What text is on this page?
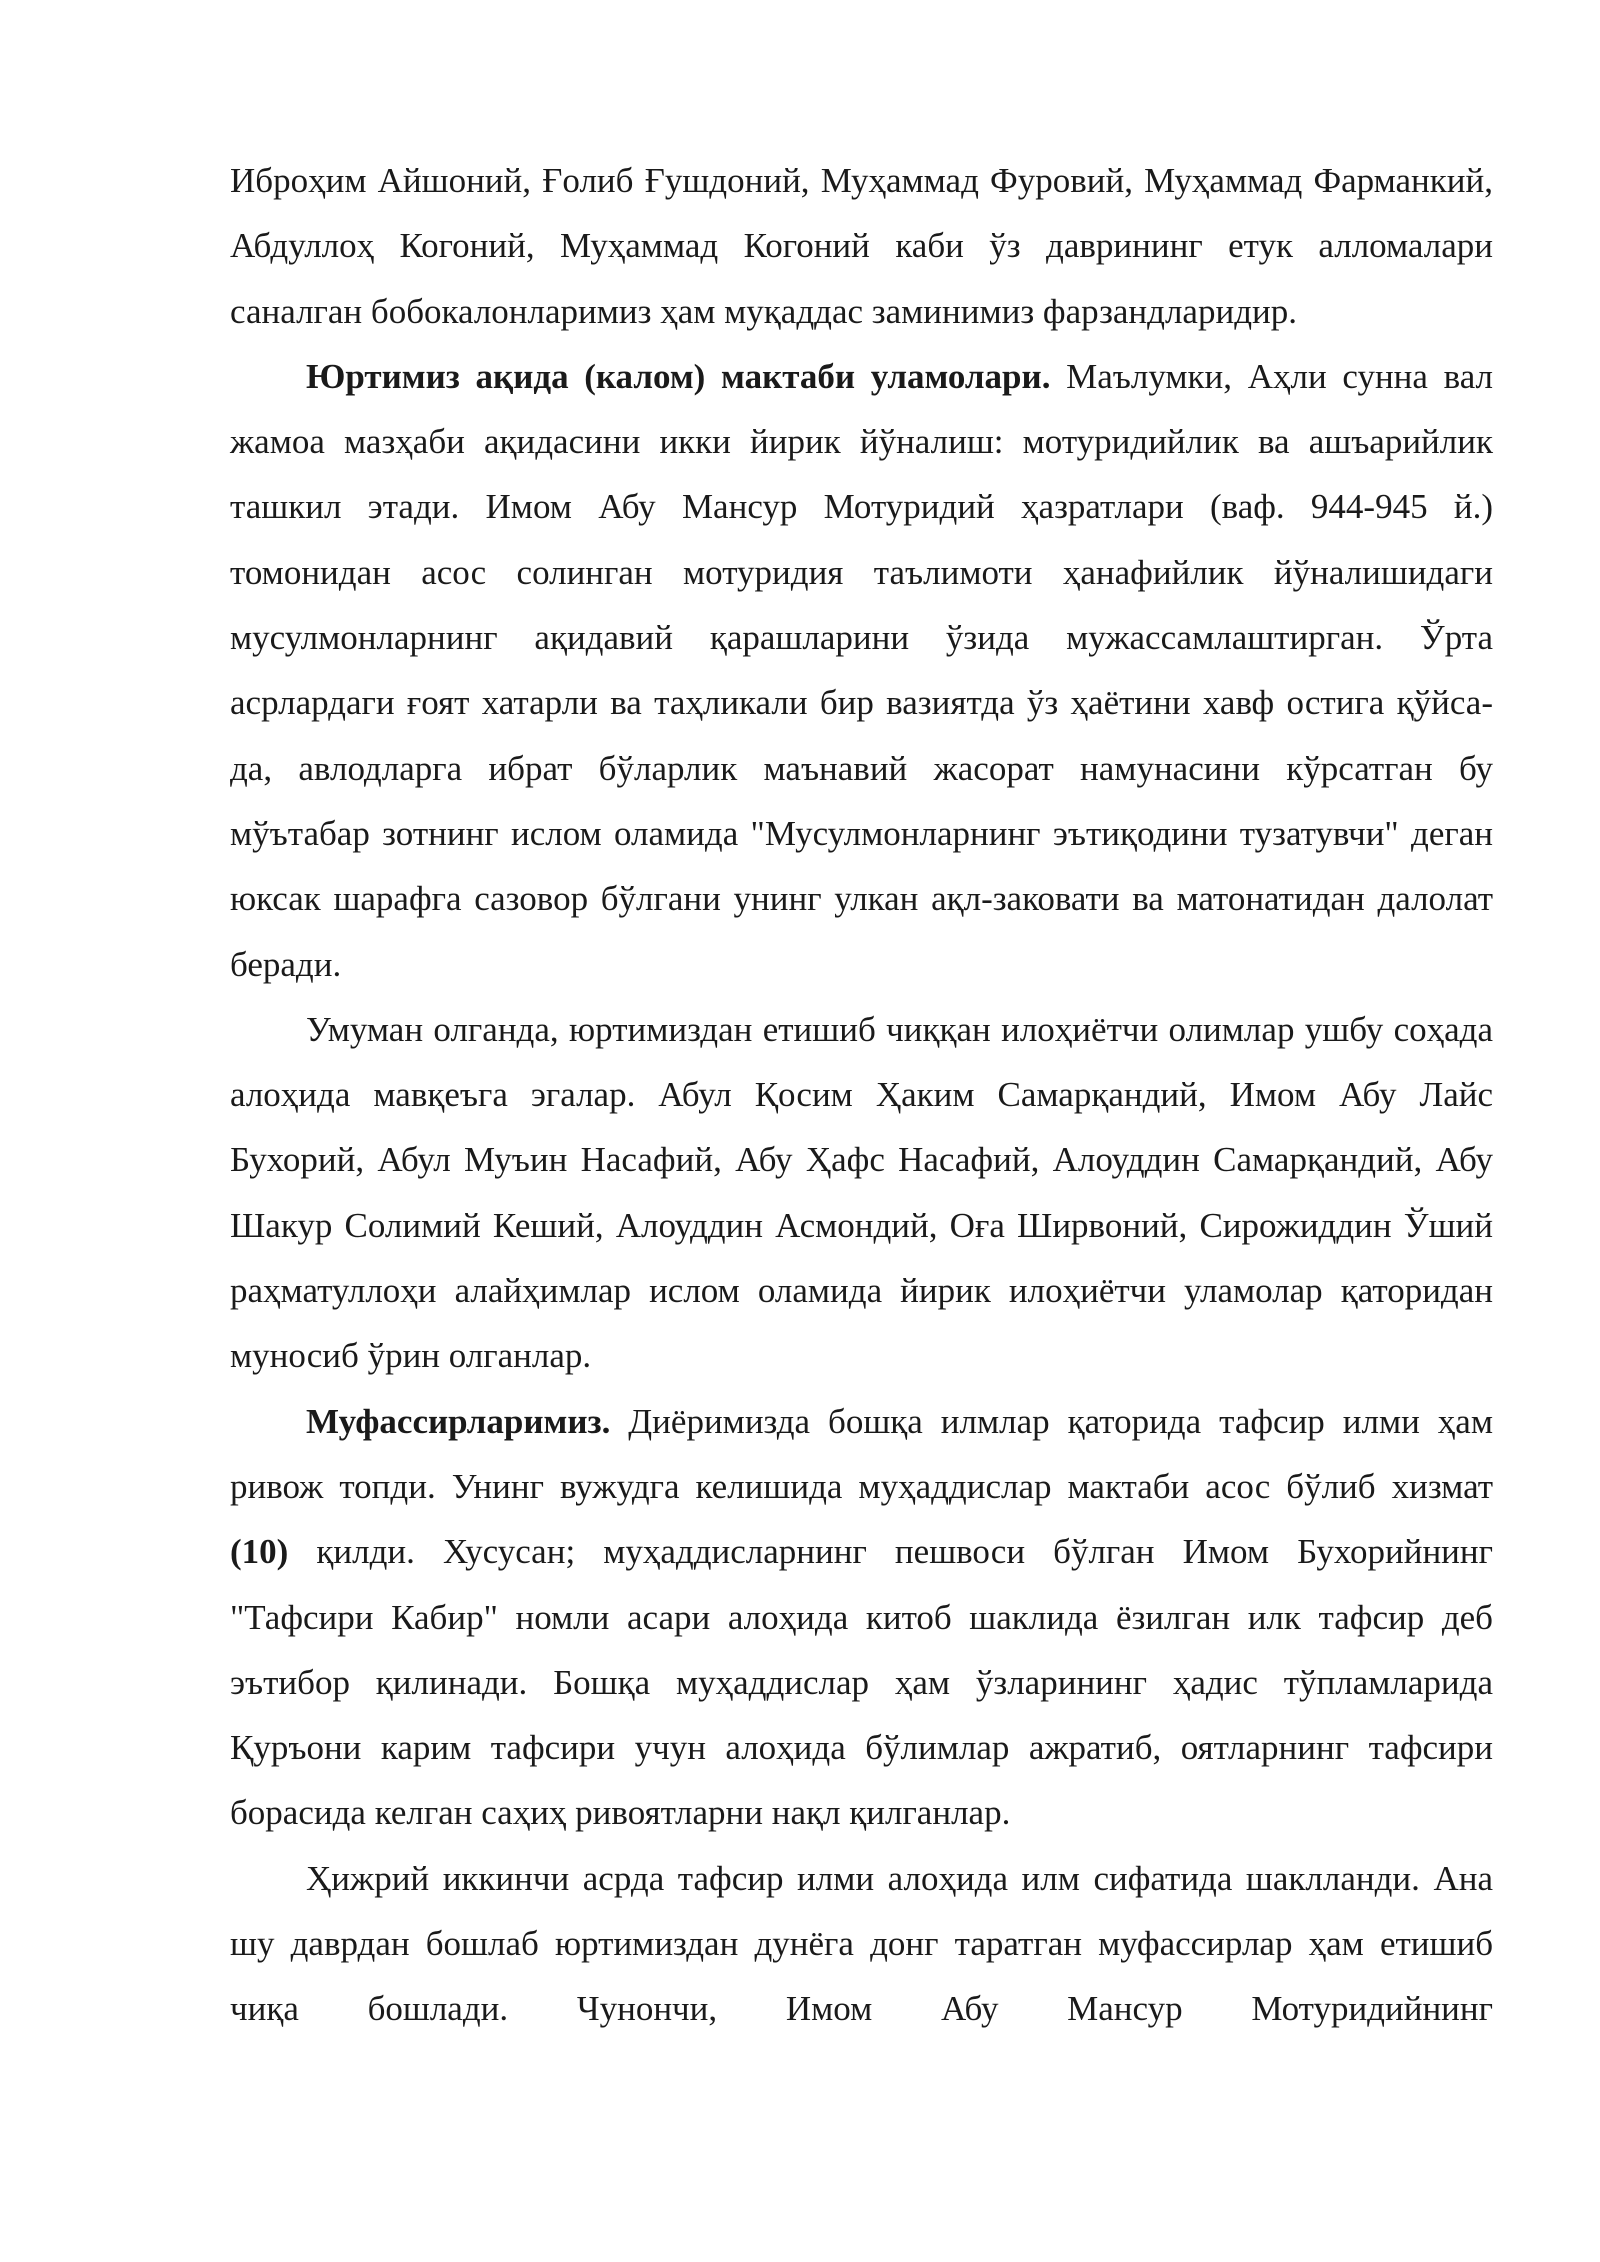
Иброҳим Айшоний, Ғолиб Ғушдоний, Муҳаммад Фуровий, Муҳаммад Фарманкий, Абдуллоҳ Когоний, Муҳаммад Когоний каби ўз даврининг етук алломалари саналган бобокалонларимиз ҳам муқаддас заминимиз фарзандларидир.

Юртимиз ақида (калом) мактаби уламолари. Маълумки, Аҳли сунна вал жамоа мазҳаби ақидасини икки йирик йўналиш: мотуридийлик ва ашъарийлик ташкил этади. Имом Абу Мансур Мотуридий ҳазратлари (ваф. 944-945 й.) томонидан асос солинган мотуридия таълимоти ҳанафийлик йўналишидаги мусулмонларнинг ақидавий қарашларини ўзида мужассамлаштирган. Ўрта асрлардаги ғоят хатарли ва таҳликали бир вазиятда ўз ҳаётини хавф остига қўйса-да, авлодларга ибрат бўларлик маънавий жасорат намунасини кўрсатган бу мўътабар зотнинг ислом оламида "Мусулмонларнинг эътиқодини тузатувчи" деган юксак шарафга сазовор бўлгани унинг улкан ақл-заковати ва матонатидан далолат беради.

Умуман олганда, юртимиздан етишиб чиққан илоҳиётчи олимлар ушбу соҳада алоҳида мавқеъга эгалар. Абул Қосим Ҳаким Самарқандий, Имом Абу Лайс Бухорий, Абул Муъин Насафий, Абу Ҳафс Насафий, Алоуддин Самарқандий, Абу Шакур Солимий Кеший, Алоуддин Асмондий, Оға Ширвоний, Сирожиддин Ўший раҳматуллоҳи алайҳимлар ислом оламида йирик илоҳиётчи уламолар қаторидан муносиб ўрин олганлар.

Муфассирларимиз. Диёримизда бошқа илмлар қаторида тафсир илми ҳам ривож топди. Унинг вужудга келишида муҳаддислар мактаби асос бўлиб хизмат (10) қилди. Хусусан; муҳаддисларнинг пешвоси бўлган Имом Бухорийнинг "Тафсири Кабир" номли асари алоҳида китоб шаклида ёзилган илк тафсир деб эътибор қилинади. Бошқа муҳаддислар ҳам ўзларининг ҳадис тўпламларида Қуръони карим тафсири учун алоҳида бўлимлар ажратиб, оятларнинг тафсири борасида келган саҳиҳ ривоятларни нақл қилганлар.

Ҳижрий иккинчи асрда тафсир илми алоҳида илм сифатида шаклланди. Ана шу даврдан бошлаб юртимиздан дунёга донг таратган муфассирлар ҳам етишиб чиқа бошлади. Чунончи, Имом Абу Мансур Мотуридийнинг
